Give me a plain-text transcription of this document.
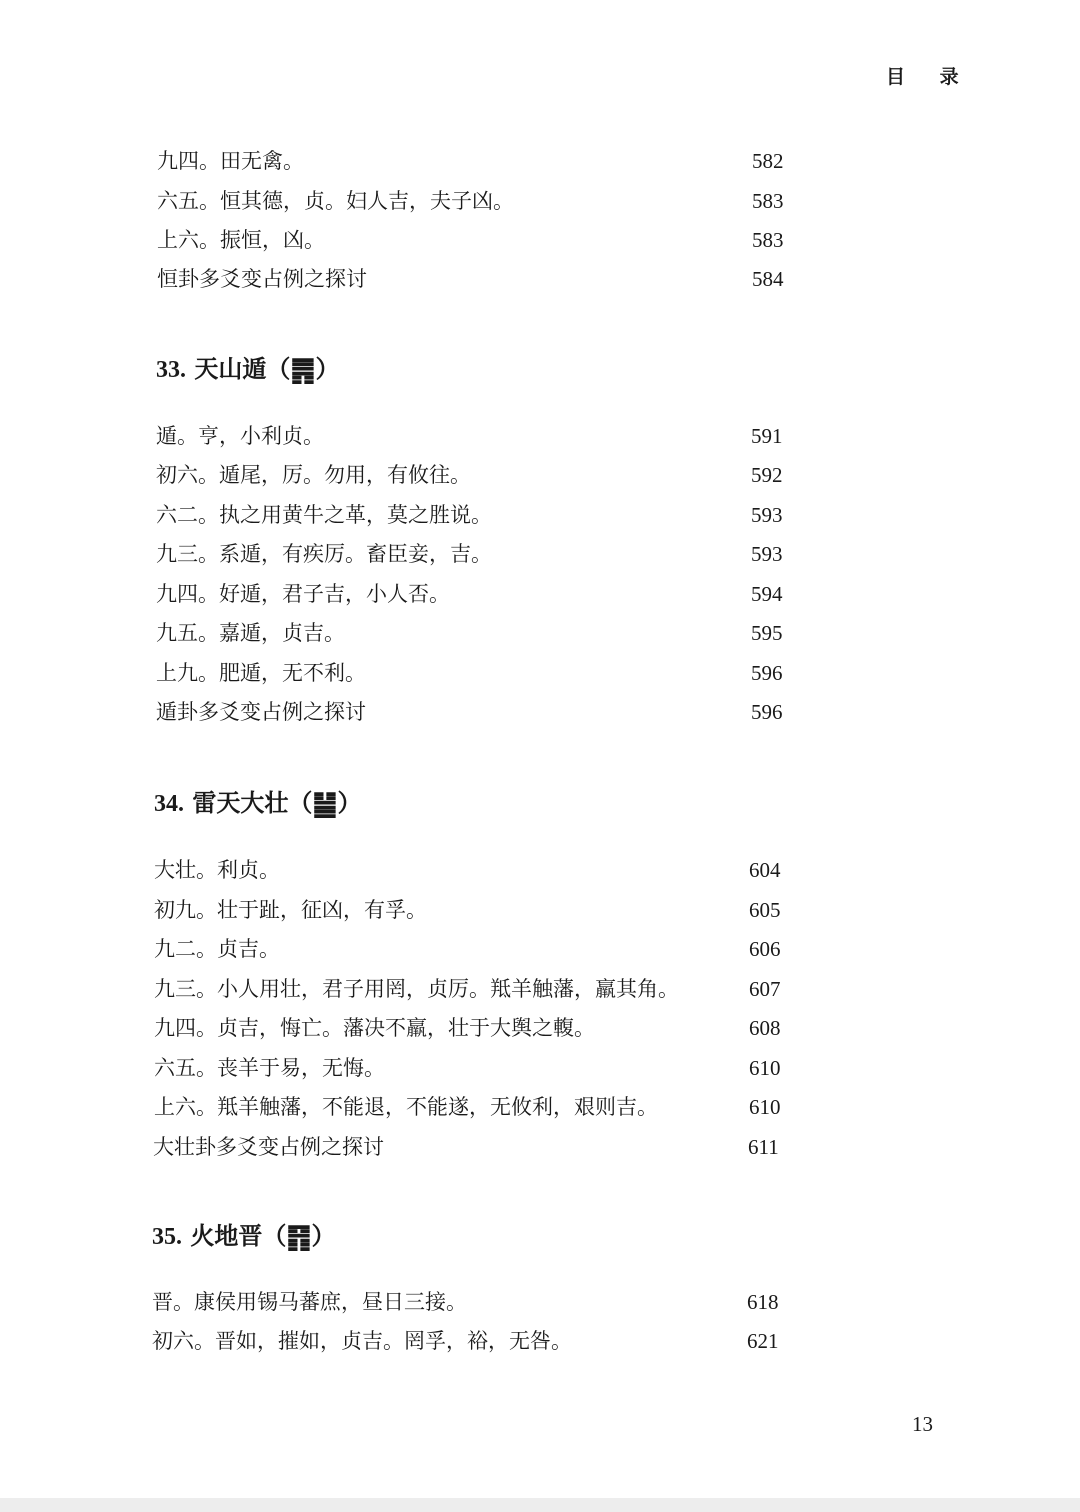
目 录
九四。田无禽。	582
六五。恒其德，贞。妇人吉，夫子凶。	583
上六。振恒，凶。	583
恒卦多爻变占例之探讨	584
33. 天山遁（䷠）
遁。亨，小利贞。	591
初六。遁尾，厉。勿用，有攸往。	592
六二。执之用黄牛之革，莫之胜说。	593
九三。系遁，有疾厉。畜臣妾，吉。	593
九四。好遁，君子吉，小人否。	594
九五。嘉遁，贞吉。	595
上九。肥遁，无不利。	596
遁卦多爻变占例之探讨	596
34. 雷天大壮（䷡）
大壮。利贞。	604
初九。壮于趾，征凶，有孚。	605
九二。贞吉。	606
九三。小人用壮，君子用罔，贞厉。羝羊触藩，羸其角。	607
九四。贞吉，悔亡。藩决不羸，壮于大舆之輹。	608
六五。丧羊于易，无悔。	610
上六。羝羊触藩，不能退，不能遂，无攸利，艰则吉。	610
大壮卦多爻变占例之探讨	611
35. 火地晋（䷢）
晋。康侯用锡马蕃庶，昼日三接。	618
初六。晋如，摧如，贞吉。罔孚，裕，无咎。	621
13
